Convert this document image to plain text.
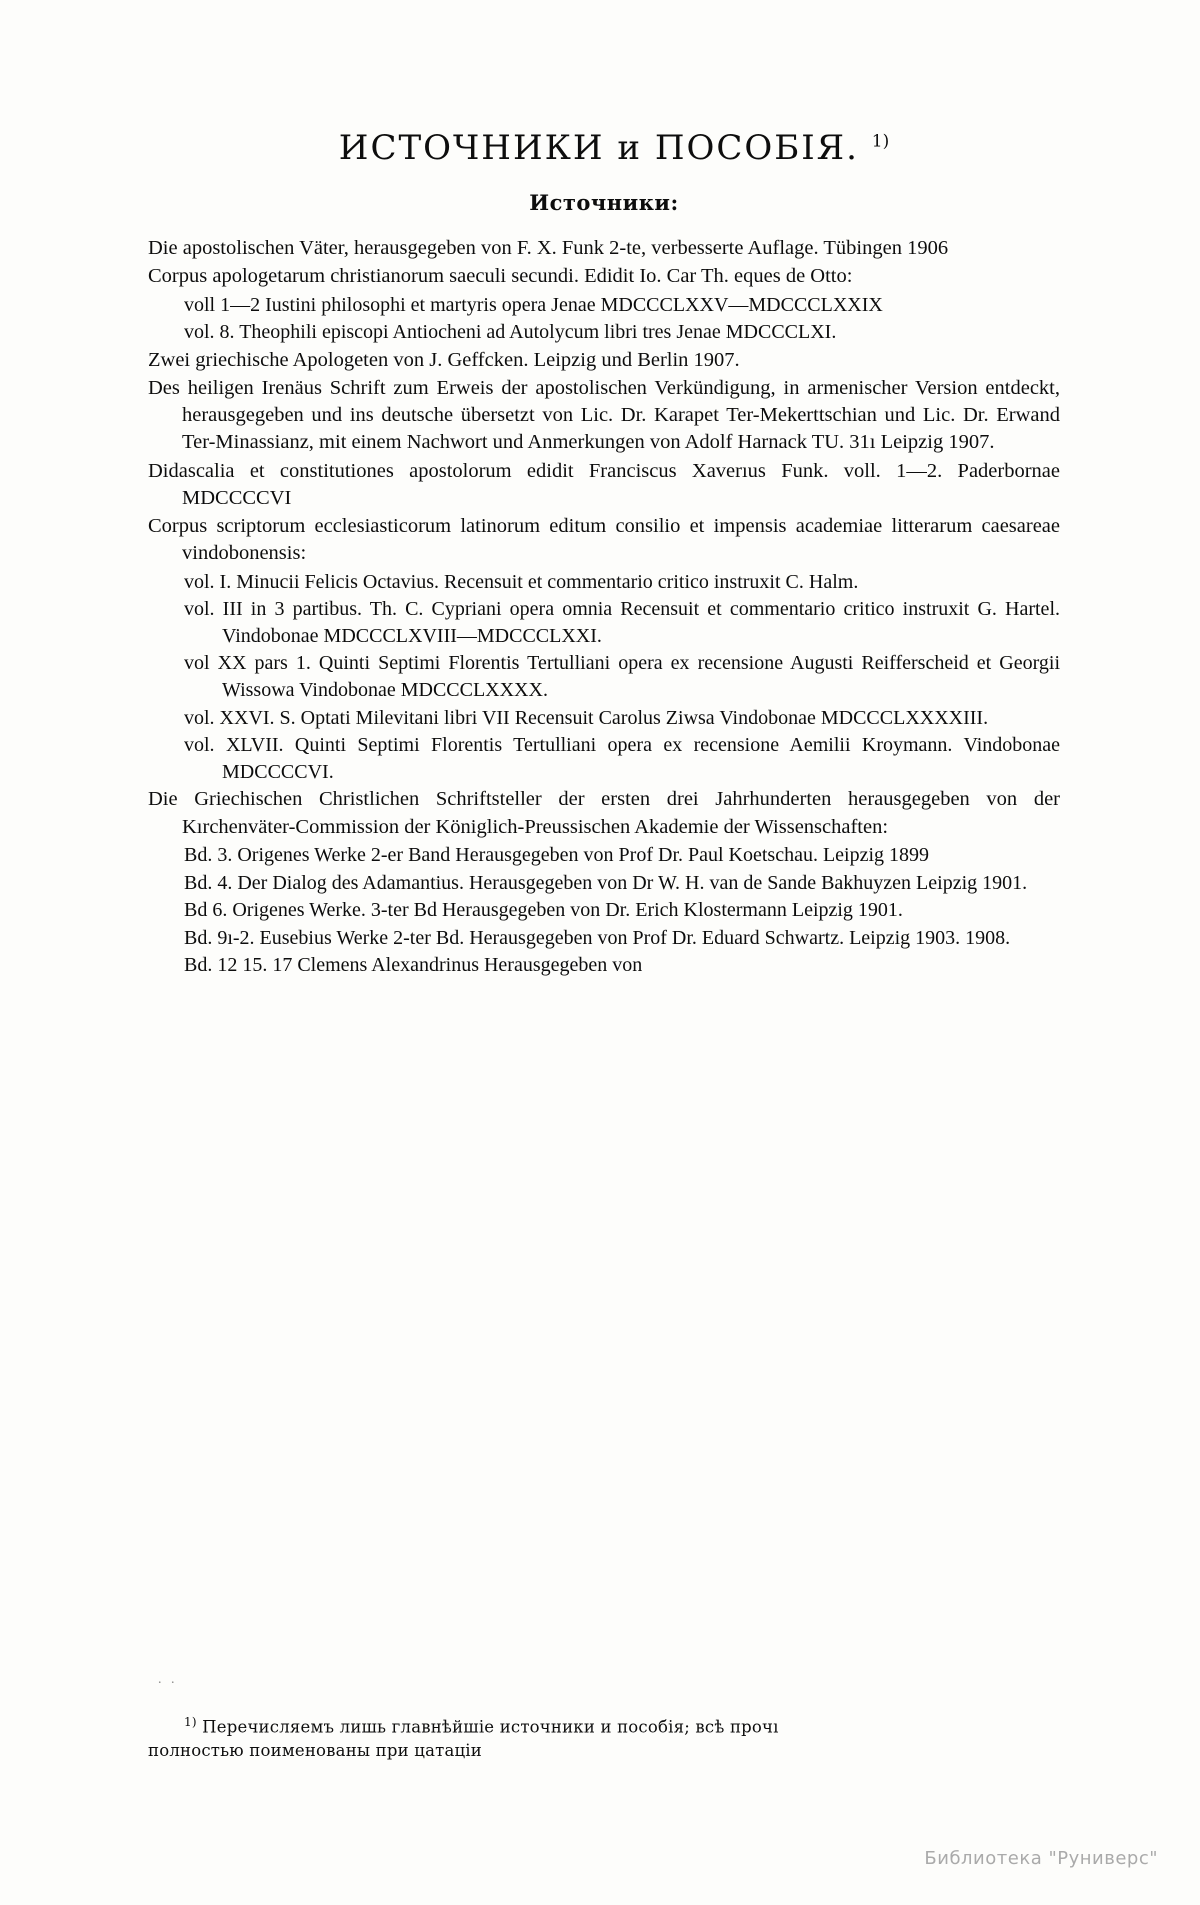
ИСТОЧНИКИ и ПОСОБІЯ. $^{1)}$
Источники:
Die apostolischen Väter, herausgegeben von F. X. Funk 2-te, verbesserte Auflage. Tübingen 1906
Corpus apologetarum christianorum saeculi secundi. Edidit Io. Car Th. eques de Otto:
voll 1—2 Iustini philosophi et martyris opera Jenae MDCCCLXXV—MDCCCLXXIX
vol. 8. Theophili episcopi Antiocheni ad Autolycum libri tres Jenae MDCCCLXI.
Zwei griechische Apologeten von J. Geffcken. Leipzig und Berlin 1907.
Des heiligen Irenäus Schrift zum Erweis der apostolischen Verkündigung, in armenischer Version entdeckt, herausgegeben und ins deutsche übersetzt von Lic. Dr. Karapet Ter-Mekerttschian und Lic. Dr. Erwand Ter-Minassianz, mit einem Nachwort und Anmerkungen von Adolf Harnack TU. 31ı Leipzig 1907.
Didascalia et constitutiones apostolorum edidit Franciscus Xaverıus Funk. voll. 1—2. Paderbornae MDCCCCVI
Corpus scriptorum ecclesiasticorum latinorum editum consilio et impensis academiae litterarum caesareae vindobonensis:
vol. I. Minucii Felicis Octavius. Recensuit et commentario critico instruxit C. Halm.
vol. III in 3 partibus. Th. C. Cypriani opera omnia Recensuit et commentario critico instruxit G. Hartel. Vindobonae MDCCCLXVIII—MDCCCLXXI.
vol XX pars 1. Quinti Septimi Florentis Tertulliani opera ex recensione Augusti Reifferscheid et Georgii Wissowa Vindobonae MDCCCLXXXX.
vol. XXVI. S. Optati Milevitani libri VII Recensuit Carolus Ziwsa Vindobonae MDCCCLXXXXIII.
vol. XLVII. Quinti Septimi Florentis Tertulliani opera ex recensione Aemilii Kroymann. Vindobonae MDCCCCVI.
Die Griechischen Christlichen Schriftsteller der ersten drei Jahrhunderten herausgegeben von der Kırchenväter-Commission der Königlich-Preussischen Akademie der Wissenschaften:
Bd. 3. Origenes Werke 2-er Band Herausgegeben von Prof Dr. Paul Koetschau. Leipzig 1899
Bd. 4. Der Dialog des Adamantius. Herausgegeben von Dr W. H. van de Sande Bakhuyzen Leipzig 1901.
Bd 6. Origenes Werke. 3-ter Bd Herausgegeben von Dr. Erich Klostermann Leipzig 1901.
Bd. 9ı-2. Eusebius Werke 2-ter Bd. Herausgegeben von Prof Dr. Eduard Schwartz. Leipzig 1903. 1908.
Bd. 12 15. 17 Clemens Alexandrinus Herausgegeben von
. .
$^{1)}$ Перечисляемъ лишь главнѣйшіе источники и пособія; всѣ прочı
полностью поименованы при цатаціи
Библиотека "Руниверс"
